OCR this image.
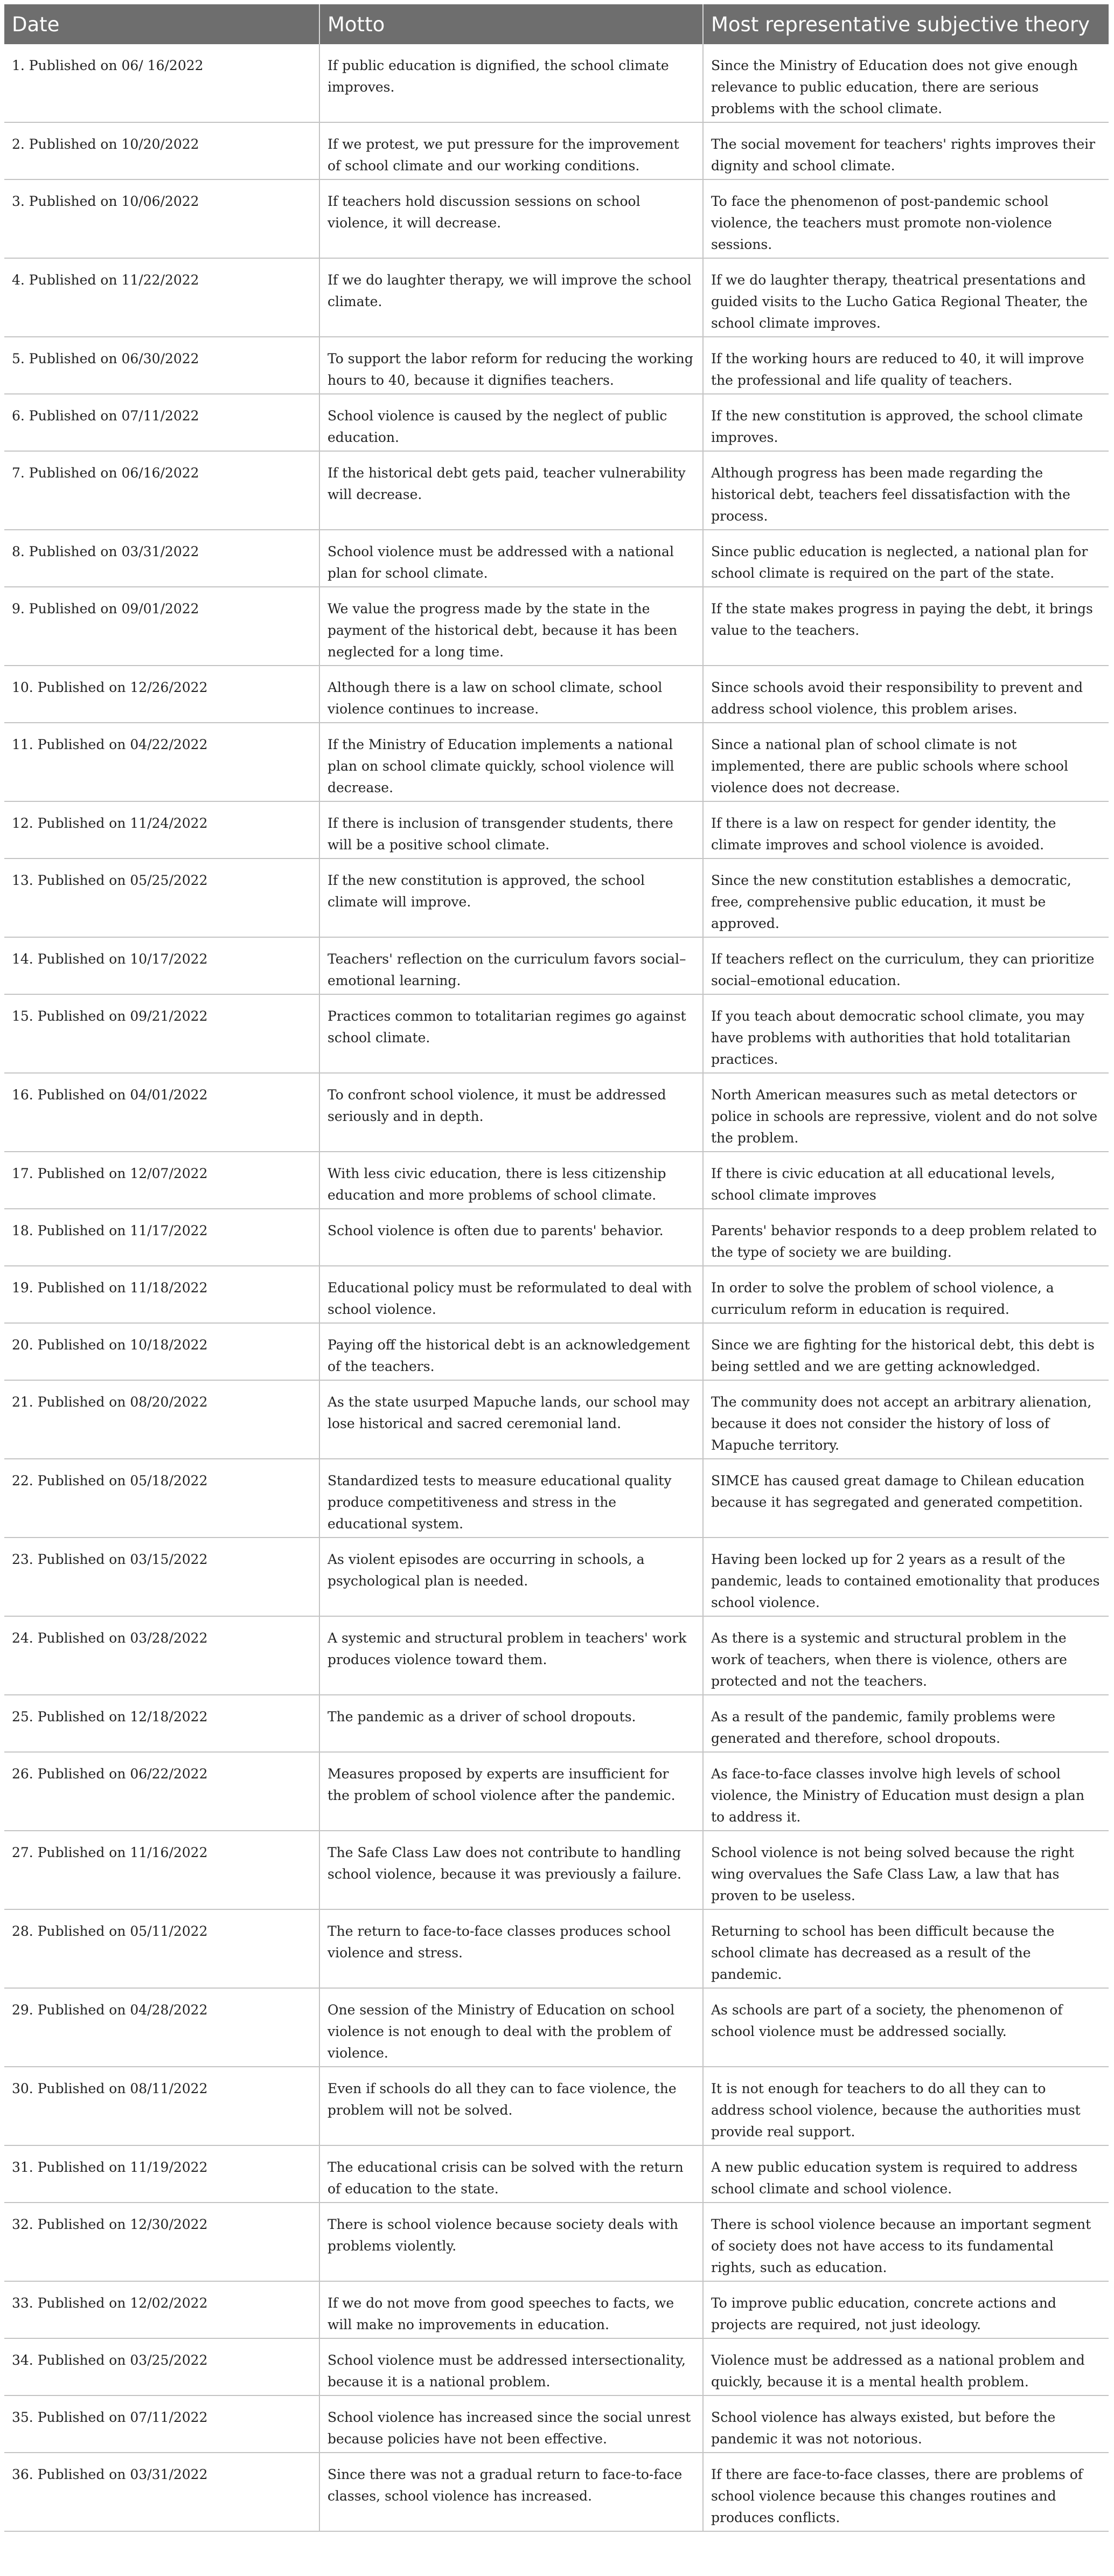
Date	Motto	Most representative subjective theory
1. Published on 06/ 16/2022	If public education is dignified, the school climate improves.	Since the Ministry of Education does not give enough relevance to public education, there are serious problems with the school climate.
2. Published on 10/20/2022	If we protest, we put pressure for the improvement of school climate and our working conditions.	The social movement for teachers' rights improves their dignity and school climate.
3. Published on 10/06/2022	If teachers hold discussion sessions on school violence, it will decrease.	To face the phenomenon of post-pandemic school violence, the teachers must promote non-violence sessions.
4. Published on 11/22/2022	If we do laughter therapy, we will improve the school climate.	If we do laughter therapy, theatrical presentations and guided visits to the Lucho Gatica Regional Theater, the school climate improves.
5. Published on 06/30/2022	To support the labor reform for reducing the working hours to 40, because it dignifies teachers.	If the working hours are reduced to 40, it will improve the professional and life quality of teachers.
6. Published on 07/11/2022	School violence is caused by the neglect of public education.	If the new constitution is approved, the school climate improves.
7. Published on 06/16/2022	If the historical debt gets paid, teacher vulnerability will decrease.	Although progress has been made regarding the historical debt, teachers feel dissatisfaction with the process.
8. Published on 03/31/2022	School violence must be addressed with a national plan for school climate.	Since public education is neglected, a national plan for school climate is required on the part of the state.
9. Published on 09/01/2022	We value the progress made by the state in the payment of the historical debt, because it has been neglected for a long time.	If the state makes progress in paying the debt, it brings value to the teachers.
10. Published on 12/26/2022	Although there is a law on school climate, school violence continues to increase.	Since schools avoid their responsibility to prevent and address school violence, this problem arises.
11. Published on 04/22/2022	If the Ministry of Education implements a national plan on school climate quickly, school violence will decrease.	Since a national plan of school climate is not implemented, there are public schools where school violence does not decrease.
12. Published on 11/24/2022	If there is inclusion of transgender students, there will be a positive school climate.	If there is a law on respect for gender identity, the climate improves and school violence is avoided.
13. Published on 05/25/2022	If the new constitution is approved, the school climate will improve.	Since the new constitution establishes a democratic, free, comprehensive public education, it must be approved.
14. Published on 10/17/2022	Teachers' reflection on the curriculum favors social–emotional learning.	If teachers reflect on the curriculum, they can prioritize social–emotional education.
15. Published on 09/21/2022	Practices common to totalitarian regimes go against school climate.	If you teach about democratic school climate, you may have problems with authorities that hold totalitarian practices.
16. Published on 04/01/2022	To confront school violence, it must be addressed seriously and in depth.	North American measures such as metal detectors or police in schools are repressive, violent and do not solve the problem.
17. Published on 12/07/2022	With less civic education, there is less citizenship education and more problems of school climate.	If there is civic education at all educational levels, school climate improves
18. Published on 11/17/2022	School violence is often due to parents' behavior.	Parents' behavior responds to a deep problem related to the type of society we are building.
19. Published on 11/18/2022	Educational policy must be reformulated to deal with school violence.	In order to solve the problem of school violence, a curriculum reform in education is required.
20. Published on 10/18/2022	Paying off the historical debt is an acknowledgement of the teachers.	Since we are fighting for the historical debt, this debt is being settled and we are getting acknowledged.
21. Published on 08/20/2022	As the state usurped Mapuche lands, our school may lose historical and sacred ceremonial land.	The community does not accept an arbitrary alienation, because it does not consider the history of loss of Mapuche territory.
22. Published on 05/18/2022	Standardized tests to measure educational quality produce competitiveness and stress in the educational system.	SIMCE has caused great damage to Chilean education because it has segregated and generated competition.
23. Published on 03/15/2022	As violent episodes are occurring in schools, a psychological plan is needed.	Having been locked up for 2 years as a result of the pandemic, leads to contained emotionality that produces school violence.
24. Published on 03/28/2022	A systemic and structural problem in teachers' work produces violence toward them.	As there is a systemic and structural problem in the work of teachers, when there is violence, others are protected and not the teachers.
25. Published on 12/18/2022	The pandemic as a driver of school dropouts.	As a result of the pandemic, family problems were generated and therefore, school dropouts.
26. Published on 06/22/2022	Measures proposed by experts are insufficient for the problem of school violence after the pandemic.	As face-to-face classes involve high levels of school violence, the Ministry of Education must design a plan to address it.
27. Published on 11/16/2022	The Safe Class Law does not contribute to handling school violence, because it was previously a failure.	School violence is not being solved because the right wing overvalues the Safe Class Law, a law that has proven to be useless.
28. Published on 05/11/2022	The return to face-to-face classes produces school violence and stress.	Returning to school has been difficult because the school climate has decreased as a result of the pandemic.
29. Published on 04/28/2022	One session of the Ministry of Education on school violence is not enough to deal with the problem of violence.	As schools are part of a society, the phenomenon of school violence must be addressed socially.
30. Published on 08/11/2022	Even if schools do all they can to face violence, the problem will not be solved.	It is not enough for teachers to do all they can to address school violence, because the authorities must provide real support.
31. Published on 11/19/2022	The educational crisis can be solved with the return of education to the state.	A new public education system is required to address school climate and school violence.
32. Published on 12/30/2022	There is school violence because society deals with problems violently.	There is school violence because an important segment of society does not have access to its fundamental rights, such as education.
33. Published on 12/02/2022	If we do not move from good speeches to facts, we will make no improvements in education.	To improve public education, concrete actions and projects are required, not just ideology.
34. Published on 03/25/2022	School violence must be addressed intersectionality, because it is a national problem.	Violence must be addressed as a national problem and quickly, because it is a mental health problem.
35. Published on 07/11/2022	School violence has increased since the social unrest because policies have not been effective.	School violence has always existed, but before the pandemic it was not notorious.
36. Published on 03/31/2022	Since there was not a gradual return to face-to-face classes, school violence has increased.	If there are face-to-face classes, there are problems of school violence because this changes routines and produces conflicts.
